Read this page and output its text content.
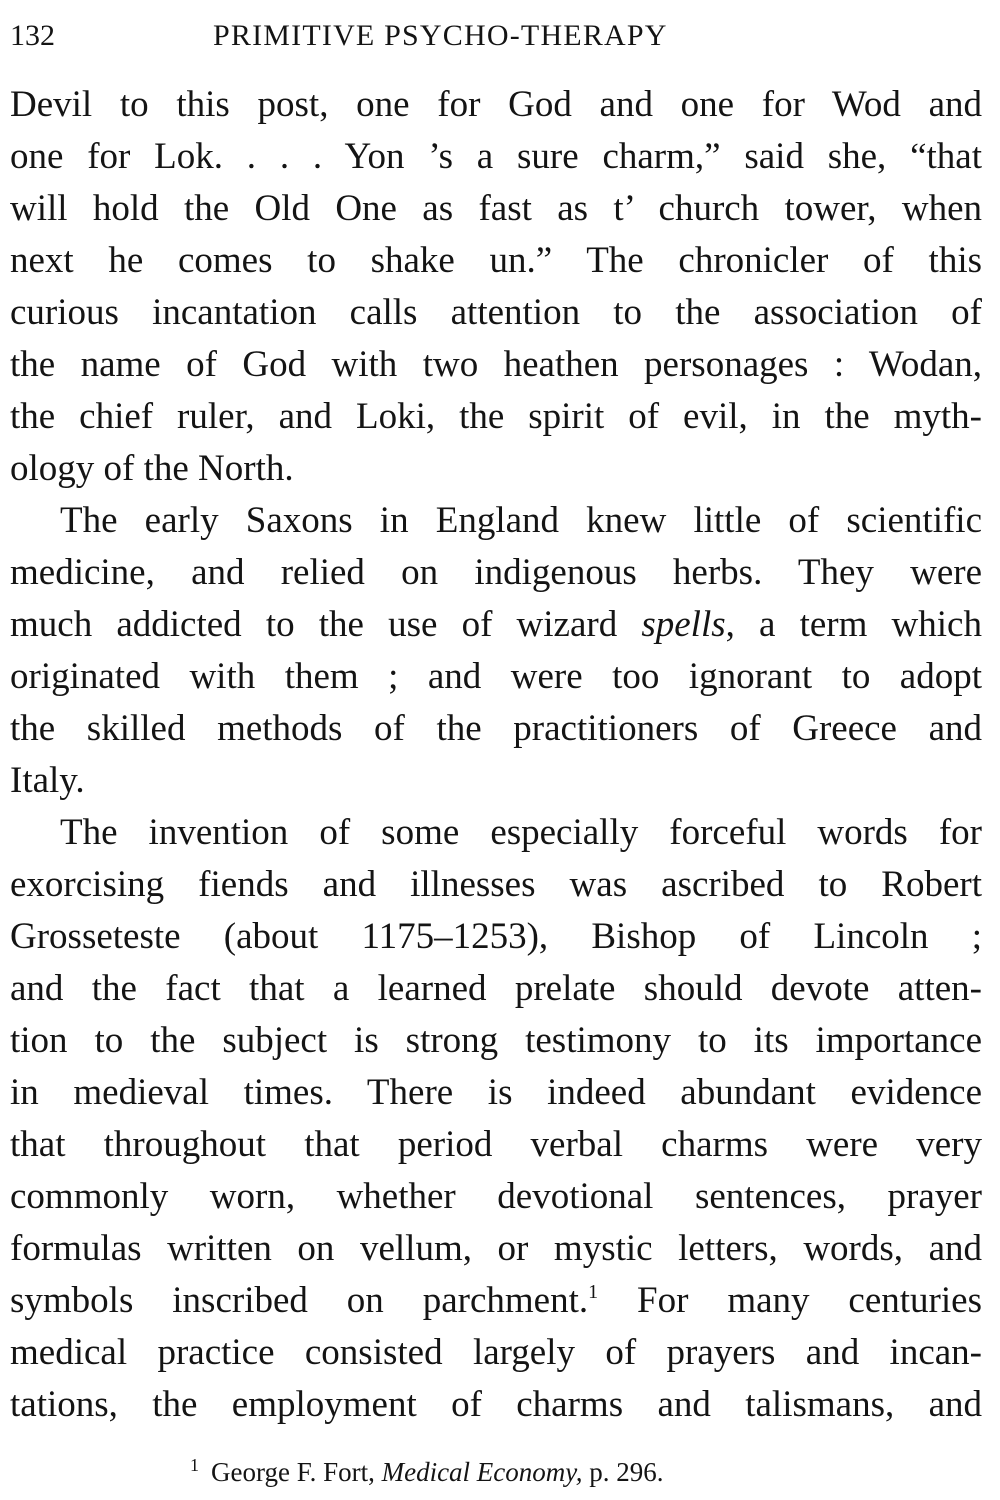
132	PRIMITIVE PSYCHO-THERAPY
Devil to this post, one for God and one for Wod and
one for Lok. . . . Yon ’s a sure charm,” said she, “that
will hold the Old One as fast as t’ church tower, when
next he comes to shake un.” The chronicler of this
curious incantation calls attention to the association of
the name of God with two heathen personages : Wodan,
the chief ruler, and Loki, the spirit of evil, in the myth-
ology of the North.
The early Saxons in England knew little of scientific
medicine, and relied on indigenous herbs. They were
much addicted to the use of wizard spells, a term which
originated with them ; and were too ignorant to adopt
the skilled methods of the practitioners of Greece and
Italy.
The invention of some especially forceful words for
exorcising fiends and illnesses was ascribed to Robert
Grosseteste (about 1175–1253), Bishop of Lincoln ;
and the fact that a learned prelate should devote atten-
tion to the subject is strong testimony to its importance
in medieval times. There is indeed abundant evidence
that throughout that period verbal charms were very
commonly worn, whether devotional sentences, prayer
formulas written on vellum, or mystic letters, words, and
symbols inscribed on parchment.$^1$ For many centuries
medical practice consisted largely of prayers and incan-
tations, the employment of charms and talismans, and
$^1$ George F. Fort, Medical Economy, p. 296.
